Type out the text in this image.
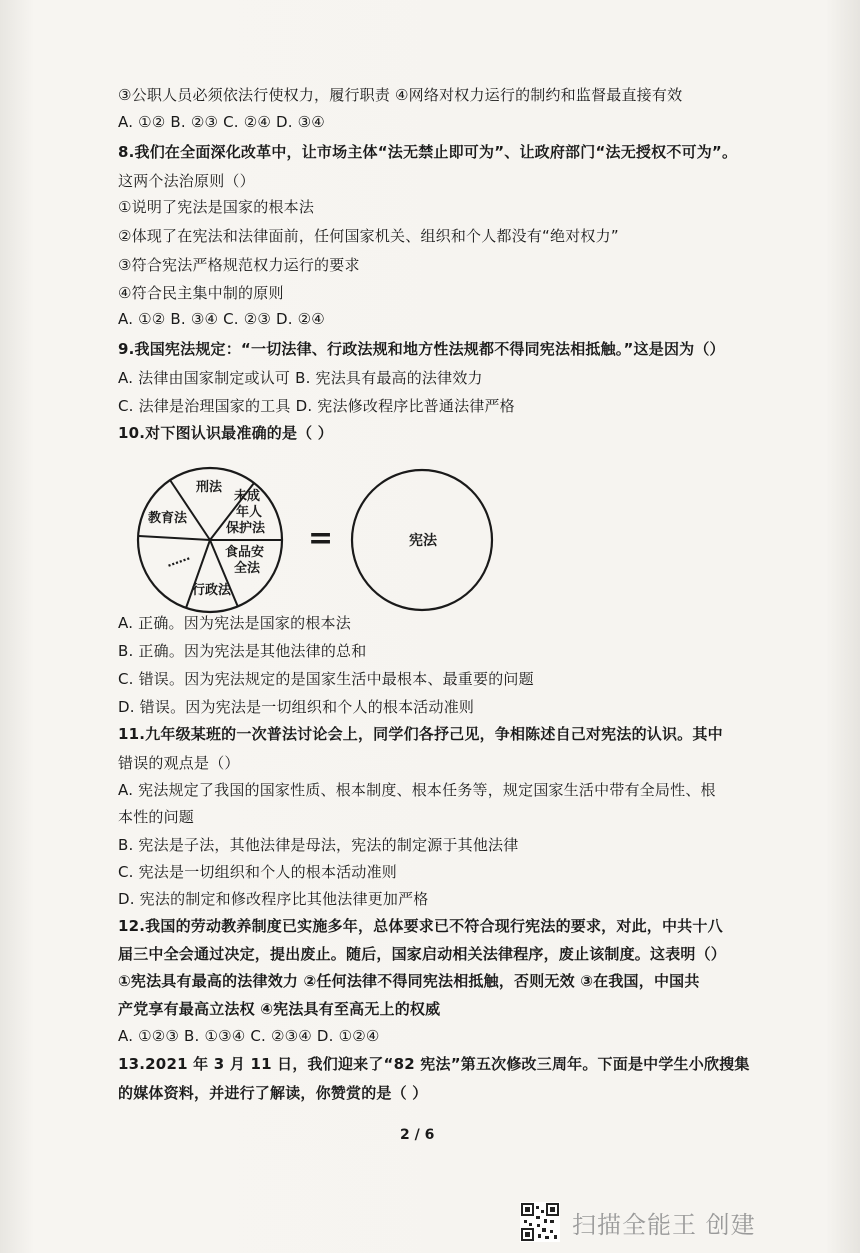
③公职人员必须依法行使权力，履行职责 ④网络对权力运行的制约和监督最直接有效
A. ①② B. ②③ C. ②④ D. ③④
8.我们在全面深化改革中，让市场主体“法无禁止即可为”、让政府部门“法无授权不可为”。
这两个法治原则（）
①说明了宪法是国家的根本法
②体现了在宪法和法律面前，任何国家机关、组织和个人都没有“绝对权力”
③符合宪法严格规范权力运行的要求
④符合民主集中制的原则
A. ①② B. ③④ C. ②③ D. ②④
9.我国宪法规定：“一切法律、行政法规和地方性法规都不得同宪法相抵触。”这是因为（）
A. 法律由国家制定或认可 B. 宪法具有最高的法律效力
C. 法律是治理国家的工具 D. 宪法修改程序比普通法律严格
10.对下图认识最准确的是（ ）
A. 正确。因为宪法是国家的根本法
B. 正确。因为宪法是其他法律的总和
C. 错误。因为宪法规定的是国家生活中最根本、最重要的问题
D. 错误。因为宪法是一切组织和个人的根本活动准则
11.九年级某班的一次普法讨论会上，同学们各抒己见，争相陈述自己对宪法的认识。其中
错误的观点是（）
A. 宪法规定了我国的国家性质、根本制度、根本任务等，规定国家生活中带有全局性、根
本性的问题
B. 宪法是子法，其他法律是母法，宪法的制定源于其他法律
C. 宪法是一切组织和个人的根本活动准则
D. 宪法的制定和修改程序比其他法律更加严格
12.我国的劳动教养制度已实施多年，总体要求已不符合现行宪法的要求，对此，中共十八
届三中全会通过决定，提出废止。随后，国家启动相关法律程序，废止该制度。这表明（）
①宪法具有最高的法律效力 ②任何法律不得同宪法相抵触，否则无效 ③在我国，中国共
产党享有最高立法权 ④宪法具有至高无上的权威
A. ①②③ B. ①③④ C. ②③④ D. ①②④
13.2021 年 3 月 11 日，我们迎来了“82 宪法”第五次修改三周年。下面是中学生小欣搜集
的媒体资料，并进行了解读，你赞赏的是（ ）
刑法
未成
年人
保护法
食品安
全法
行政法
……
教育法
=	宪法
2 / 6
扫描全能王 创建
